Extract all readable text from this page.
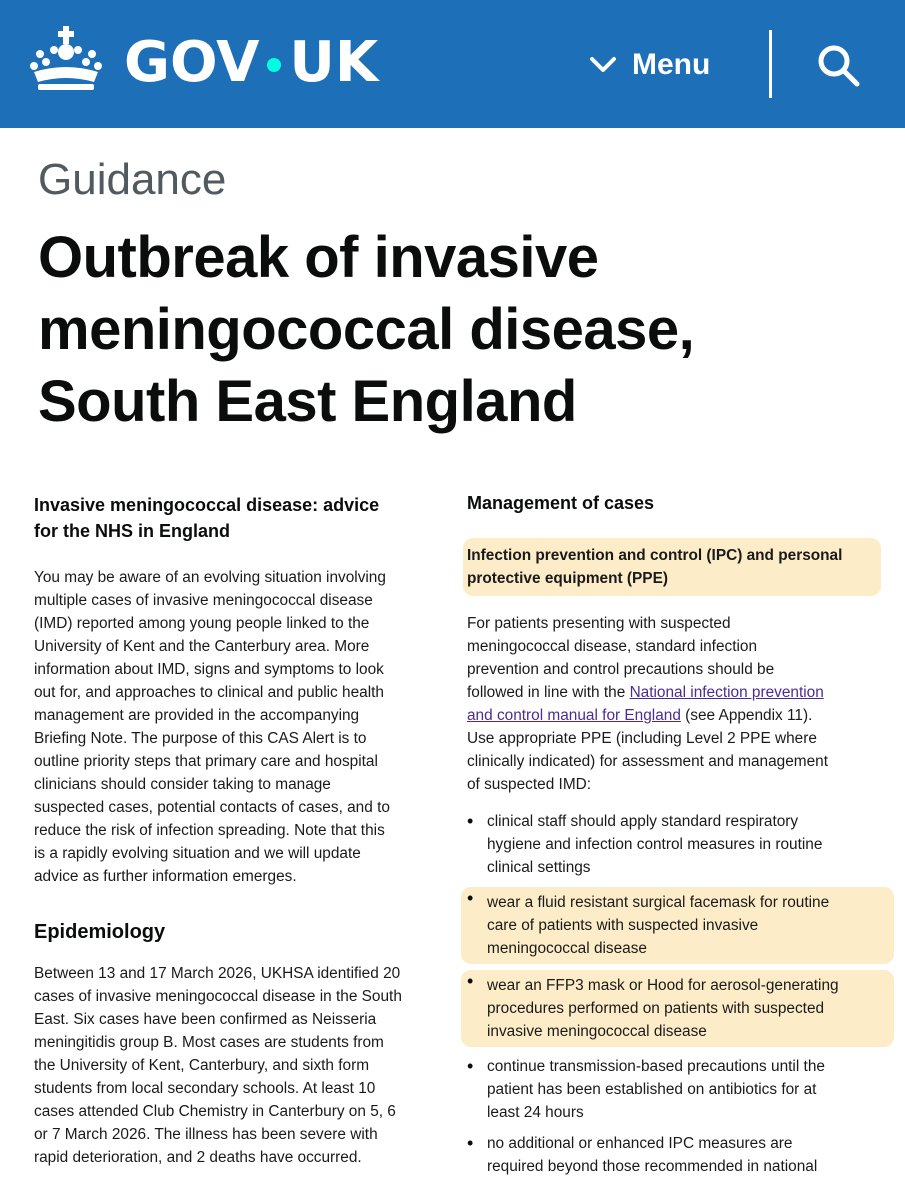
GOV UK	Menu
Guidance
Outbreak of invasive
meningococcal disease,
South East England
Invasive meningococcal disease: advice
for the NHS in England
You may be aware of an evolving situation involving
multiple cases of invasive meningococcal disease
(IMD) reported among young people linked to the
University of Kent and the Canterbury area. More
information about IMD, signs and symptoms to look
out for, and approaches to clinical and public health
management are provided in the accompanying
Briefing Note. The purpose of this CAS Alert is to
outline priority steps that primary care and hospital
clinicians should consider taking to manage
suspected cases, potential contacts of cases, and to
reduce the risk of infection spreading. Note that this
is a rapidly evolving situation and we will update
advice as further information emerges.
Epidemiology
Between 13 and 17 March 2026, UKHSA identified 20
cases of invasive meningococcal disease in the South
East. Six cases have been confirmed as Neisseria
meningitidis group B. Most cases are students from
the University of Kent, Canterbury, and sixth form
students from local secondary schools. At least 10
cases attended Club Chemistry in Canterbury on 5, 6
or 7 March 2026. The illness has been severe with
rapid deterioration, and 2 deaths have occurred.
Management of cases
Infection prevention and control (IPC) and personal
protective equipment (PPE)
For patients presenting with suspected
meningococcal disease, standard infection
prevention and control precautions should be
followed in line with the National infection prevention
and control manual for England (see Appendix 11).
Use appropriate PPE (including Level 2 PPE where
clinically indicated) for assessment and management
of suspected IMD:
• clinical staff should apply standard respiratory
hygiene and infection control measures in routine
clinical settings
• wear a fluid resistant surgical facemask for routine
care of patients with suspected invasive
meningococcal disease
• wear an FFP3 mask or Hood for aerosol-generating
procedures performed on patients with suspected
invasive meningococcal disease
• continue transmission-based precautions until the
patient has been established on antibiotics for at
least 24 hours
• no additional or enhanced IPC measures are
required beyond those recommended in national
